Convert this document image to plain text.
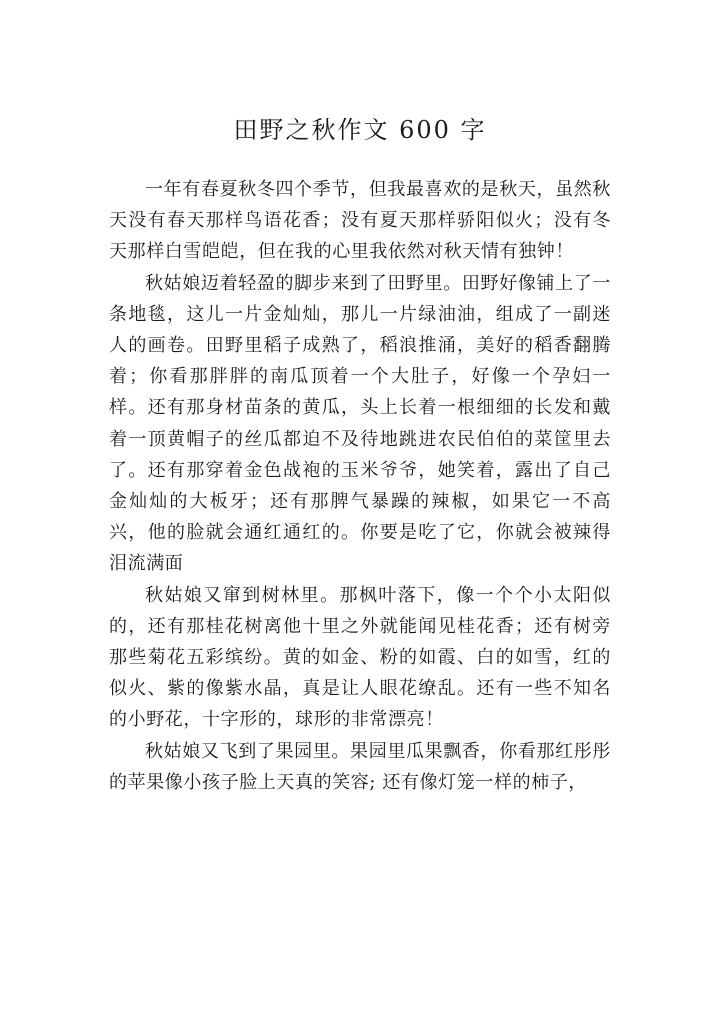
田野之秋作文 600 字

一年有春夏秋冬四个季节，但我最喜欢的是秋天，虽然秋天没有春天那样鸟语花香；没有夏天那样骄阳似火；没有冬天那样白雪皑皑，但在我的心里我依然对秋天情有独钟！

秋姑娘迈着轻盈的脚步来到了田野里。田野好像铺上了一条地毯，这儿一片金灿灿，那儿一片绿油油，组成了一副迷人的画卷。田野里稻子成熟了，稻浪推涌，美好的稻香翻腾着；你看那胖胖的南瓜顶着一个大肚子，好像一个孕妇一样。还有那身材苗条的黄瓜，头上长着一根细细的长发和戴着一顶黄帽子的丝瓜都迫不及待地跳进农民伯伯的菜筐里去了。还有那穿着金色战袍的玉米爷爷，她笑着，露出了自己金灿灿的大板牙；还有那脾气暴躁的辣椒，如果它一不高兴，他的脸就会通红通红的。你要是吃了它，你就会被辣得泪流满面

秋姑娘又窜到树林里。那枫叶落下，像一个个小太阳似的，还有那桂花树离他十里之外就能闻见桂花香；还有树旁那些菊花五彩缤纷。黄的如金、粉的如霞、白的如雪，红的似火、紫的像紫水晶，真是让人眼花缭乱。还有一些不知名的小野花，十字形的，球形的非常漂亮！

秋姑娘又飞到了果园里。果园里瓜果飘香，你看那红彤彤的苹果像小孩子脸上天真的笑容; 还有像灯笼一样的柿子，
